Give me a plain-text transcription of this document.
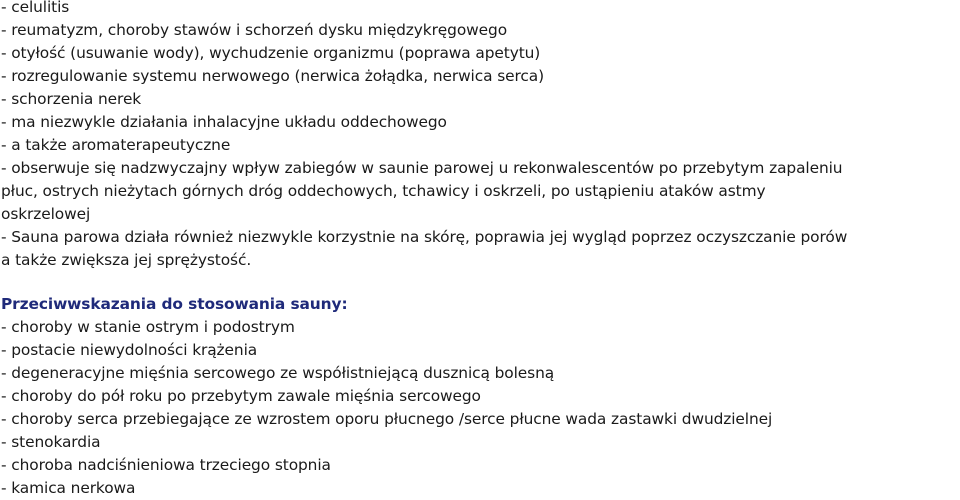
- celulitis
- reumatyzm, choroby stawów i schorzeń dysku międzykręgowego
- otyłość (usuwanie wody), wychudzenie organizmu (poprawa apetytu)
- rozregulowanie systemu nerwowego (nerwica żołądka, nerwica serca)
- schorzenia nerek
- ma niezwykle działania inhalacyjne układu oddechowego
- a także aromaterapeutyczne
- obserwuje się nadzwyczajny wpływ zabiegów w saunie parowej u rekonwalescentów po przebytym zapaleniu
płuc, ostrych nieżytach górnych dróg oddechowych, tchawicy i oskrzeli, po ustąpieniu ataków astmy
oskrzelowej
- Sauna parowa działa również niezwykle korzystnie na skórę, poprawia jej wygląd poprzez oczyszczanie porów
a także zwiększa jej sprężystość.
Przeciwwskazania do stosowania sauny:
- choroby w stanie ostrym i podostrym
- postacie niewydolności krążenia
- degeneracyjne mięśnia sercowego ze współistniejącą dusznicą bolesną
- choroby do pół roku po przebytym zawale mięśnia sercowego
- choroby serca przebiegające ze wzrostem oporu płucnego /serce płucne wada zastawki dwudzielnej
- stenokardia
- choroba nadciśnieniowa trzeciego stopnia
- kamica nerkowa
